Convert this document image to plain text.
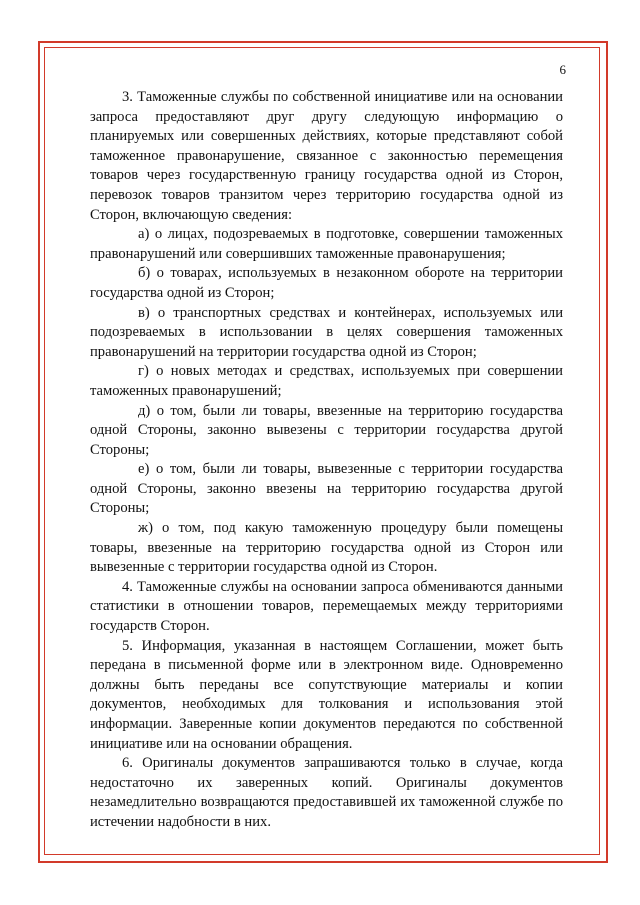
6

3. Таможенные службы по собственной инициативе или на основании запроса предоставляют друг другу следующую информацию о планируемых или совершенных действиях, которые представляют собой таможенное правонарушение, связанное с законностью перемещения товаров через государственную границу государства одной из Сторон, перевозок товаров транзитом через территорию государства одной из Сторон, включающую сведения:

а) о лицах, подозреваемых в подготовке, совершении таможенных правонарушений или совершивших таможенные правонарушения;

б) о товарах, используемых в незаконном обороте на территории государства одной из Сторон;

в) о транспортных средствах и контейнерах, используемых или подозреваемых в использовании в целях совершения таможенных правонарушений на территории государства одной из Сторон;

г) о новых методах и средствах, используемых при совершении таможенных правонарушений;

д) о том, были ли товары, ввезенные на территорию государства одной Стороны, законно вывезены с территории государства другой Стороны;

е) о том, были ли товары, вывезенные с территории государства одной Стороны, законно ввезены на территорию государства другой Стороны;

ж) о том, под какую таможенную процедуру были помещены товары, ввезенные на территорию государства одной из Сторон или вывезенные с территории государства одной из Сторон.

4. Таможенные службы на основании запроса обмениваются данными статистики в отношении товаров, перемещаемых между территориями государств Сторон.

5. Информация, указанная в настоящем Соглашении, может быть передана в письменной форме или в электронном виде. Одновременно должны быть переданы все сопутствующие материалы и копии документов, необходимых для толкования и использования этой информации. Заверенные копии документов передаются по собственной инициативе или на основании обращения.

6. Оригиналы документов запрашиваются только в случае, когда недостаточно их заверенных копий. Оригиналы документов незамедлительно возвращаются предоставившей их таможенной службе по истечении надобности в них.
